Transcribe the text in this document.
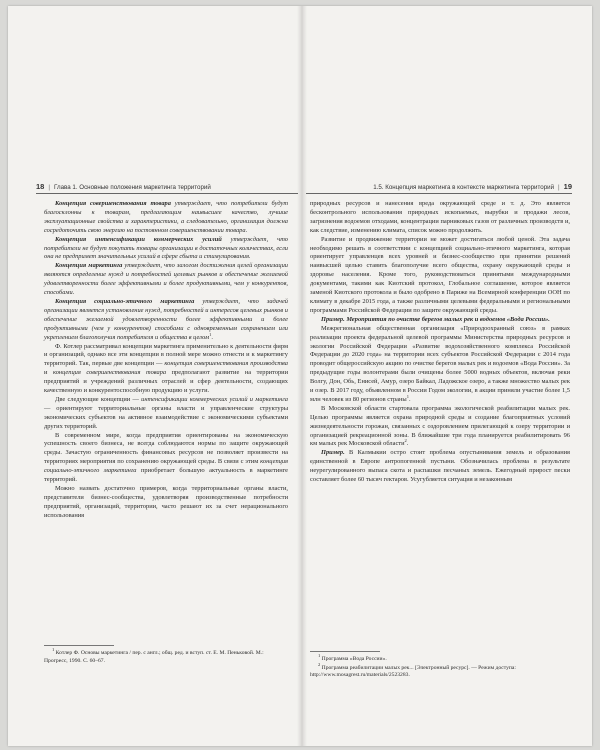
18 | Глава 1. Основные положения маркетинга территорий

Концепция совершенствования товара утверждает, что потребители будут благосклонны к товарам, предлагающим наивысшее качество, лучшие эксплуатационные свойства и характеристики, а следовательно, организация должна сосредоточить свою энергию на постоянном совершенствовании товара.

Концепция интенсификации коммерческих усилий утверждает, что потребители не будут покупать товары организации в достаточных количествах, если она не предпримет значительных усилий в сфере сбыта и стимулирования.

Концепция маркетинга утверждает, что залогом достижения целей организации являются определение нужд и потребностей целевых рынков и обеспечение желаемой удовлетворенности более эффективными и более продуктивными, чем у конкурентов, способами.

Концепция социально-этичного маркетинга утверждает, что задачей организации является установление нужд, потребностей и интересов целевых рынков и обеспечение желаемой удовлетворенности более эффективными и более продуктивными (чем у конкурентов) способами с одновременным сохранением или укреплением благополучия потребителя и общества в целом$^1$.

Ф. Котлер рассматривал концепции маркетинга применительно к деятельности фирм и организаций, однако все эти концепции в полной мере можно отнести и к маркетингу территорий. Так, первые две концепции — концепция совершенствования производства и концепция совершенствования товара предполагают развитие на территории предприятий и учреждений различных отраслей и сфер деятельности, создающих качественную и конкурентоспособную продукцию и услуги.

Две следующие концепции — интенсификации коммерческих усилий и маркетинга — ориентируют территориальные органы власти и управленческие структуры экономических субъектов на активное взаимодействие с экономическими субъектами других территорий.

В современном мире, когда предприятия ориентированы на экономическую успешность своего бизнеса, не всегда соблюдаются нормы по защите окружающей среды. Зачастую ограниченность финансовых ресурсов не позволяет произвести на территориях мероприятия по сохранению окружающей среды. В связи с этим концепция социально-этичного маркетинга приобретает большую актуальность в маркетинге территорий.

Можно назвать достаточно примеров, когда территориальные органы власти, представители бизнес-сообщества, удовлетворяя производственные потребности предприятий, организаций, территории, часто решают их за счет нерационального использования

$^1$ Котлер Ф. Основы маркетинга / пер. с англ.; общ. ред. и вступ. ст. Е. М. Пеньковой. М.: Прогресс, 1990. С. 60–67.

1.5. Концепция маркетинга в контексте маркетинга территорий | 19

природных ресурсов и нанесения вреда окружающей среде и т. д. Это является бесконтрольного использования природных ископаемых, вырубки и продажи лесов, загрязнения водоемов отходами, концентрации парниковых газов от различных производств и, как следствие, изменению климата, список можно продолжить.

Развитие и продвижение территории не может достигаться любой ценой. Эта задача необходимо решать в соответствии с концепцией социально-этичного маркетинга, которая ориентирует управленцев всех уровней и бизнес-сообщество при принятии решений наивысшей целью ставить благополучие всего общества, охрану окружающей среды и здоровье населения. Кроме того, руководствоваться принятыми международными документами, такими как Киотский протокол, Глобальное соглашение, которое является заменой Киотского протокола и было одобрено в Париже на Всемирной конференции ООН по климату в декабре 2015 года, а также различными целевыми федеральными и региональными программами Российской Федерации по защите окружающей среды.

Пример. Мероприятия по очистке берегов малых рек и водоемов «Вода России».

Межрегиональная общественная организация «Природоохранный союз» в рамках реализации проекта федеральной целевой программы Министерства природных ресурсов и экологии Российской Федерации «Развитие водохозяйственного комплекса Российской Федерации до 2020 года» на территории всех субъектов Российской Федерации с 2014 года проводит общероссийскую акцию по очистке берегов малых рек и водоемов «Вода России». За предыдущие годы волонтерами были очищены более 5000 водных объектов, включая реки Волгу, Дон, Обь, Енисей, Амур, озеро Байкал, Ладожское озеро, а также множество малых рек и озер. В 2017 году, объявленном в России Годом экологии, в акции приняли участие более 1,5 млн человек из 80 регионов страны$^1$.

В Московской области стартовала программа экологической реабилитации малых рек. Целью программы является охрана природной среды и создание благоприятных условий жизнедеятельности горожан, связанных с оздоровлением прилегающей к озеру территории и организацией рекреационной зоны. В ближайшие три года планируется реабилитировать 96 км малых рек Московской области$^2$.

Пример. В Калмыкии остро стоит проблема опустынивания земель и образования единственной в Европе антропогенной пустыни. Обозначилась проблема в результате неурегулированного выпаса скота и распашки песчаных земель. Ежегодный прирост пески составляет более 60 тысяч гектаров. Усугубляется ситуация и незаконным

$^1$ Программа «Вода России».

$^2$ Программа реабилитации малых рек... [Электронный ресурс]. — Режим доступа: http://www.mosagrest.ru/materials/2523283.
